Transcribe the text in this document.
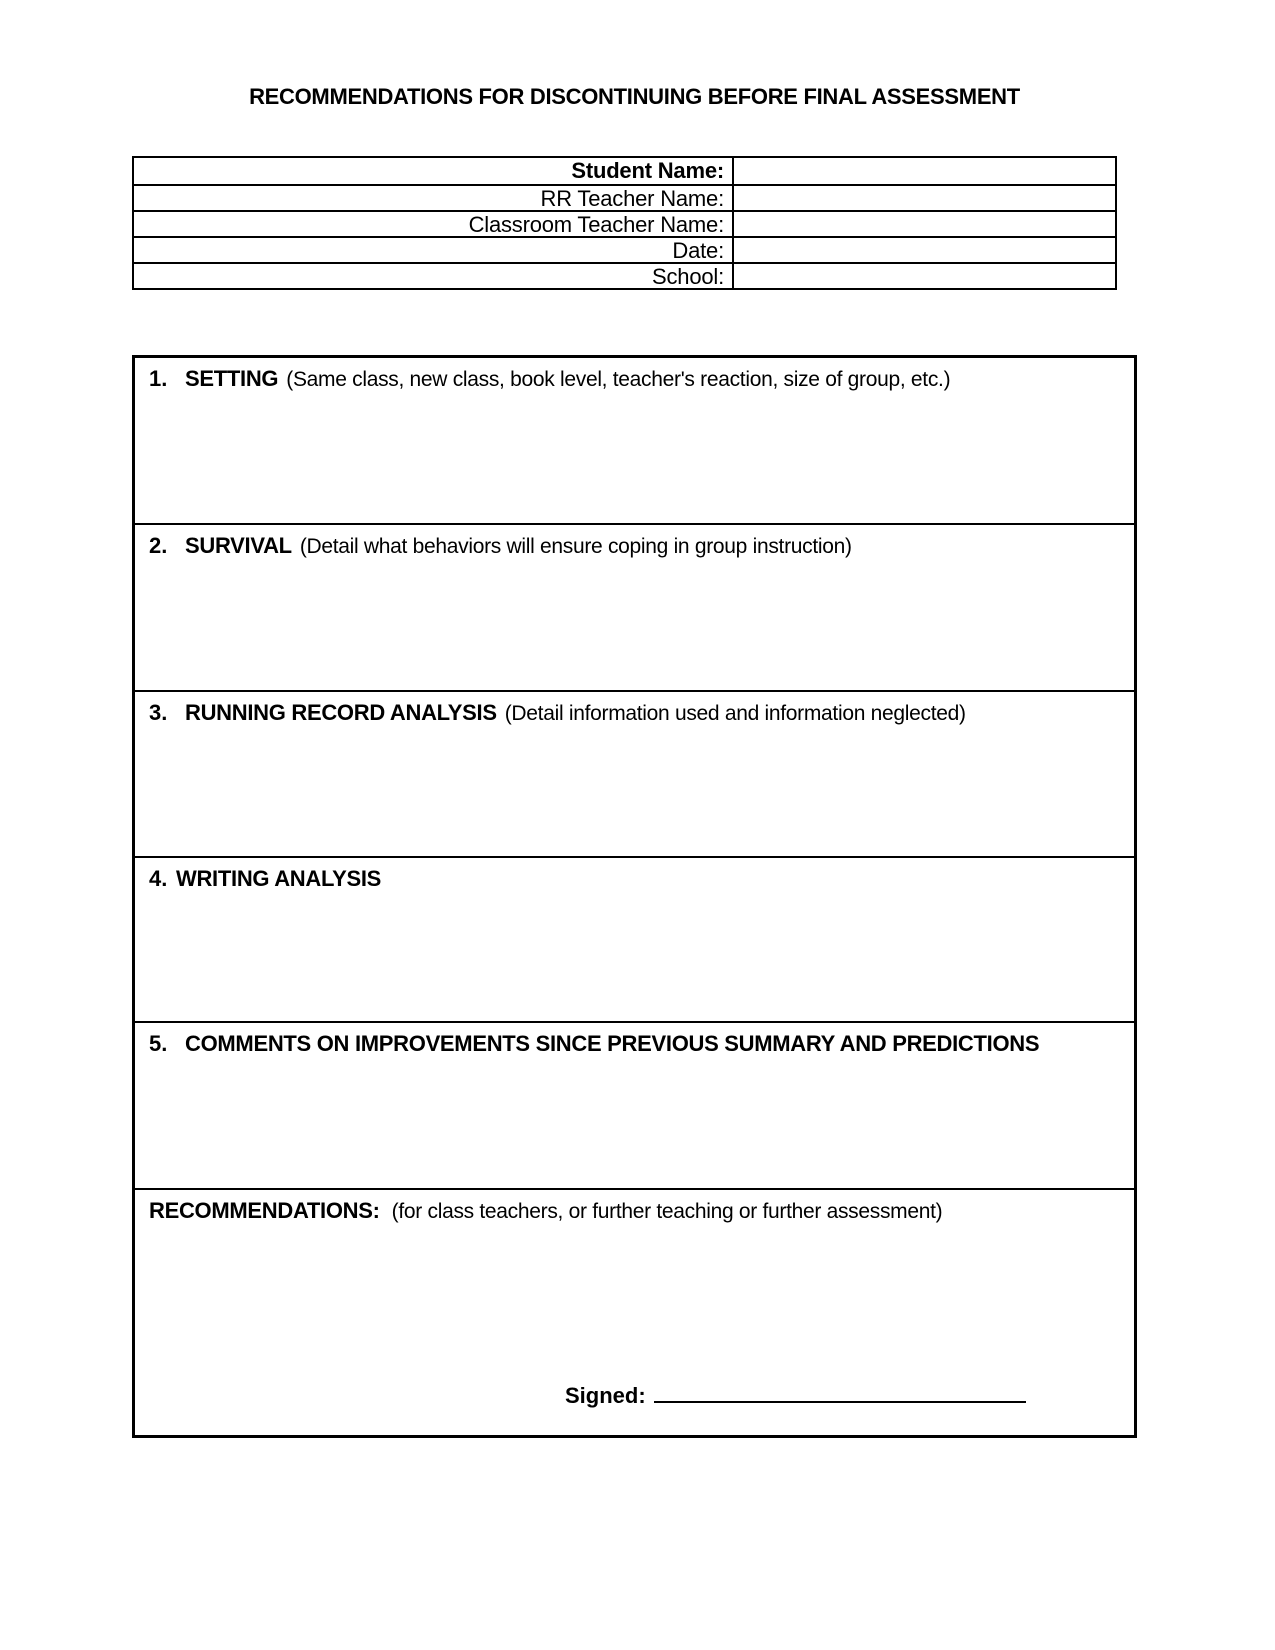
RECOMMENDATIONS FOR DISCONTINUING BEFORE FINAL ASSESSMENT
Student Name:
RR Teacher Name:
Classroom Teacher Name:
Date:
School:
1. SETTING (Same class, new class, book level, teacher's reaction, size of group, etc.)
2. SURVIVAL (Detail what behaviors will ensure coping in group instruction)
3. RUNNING RECORD ANALYSIS (Detail information used and information neglected)
4. WRITING ANALYSIS
5. COMMENTS ON IMPROVEMENTS SINCE PREVIOUS SUMMARY AND PREDICTIONS
RECOMMENDATIONS: (for class teachers, or further teaching or further assessment)
Signed:
